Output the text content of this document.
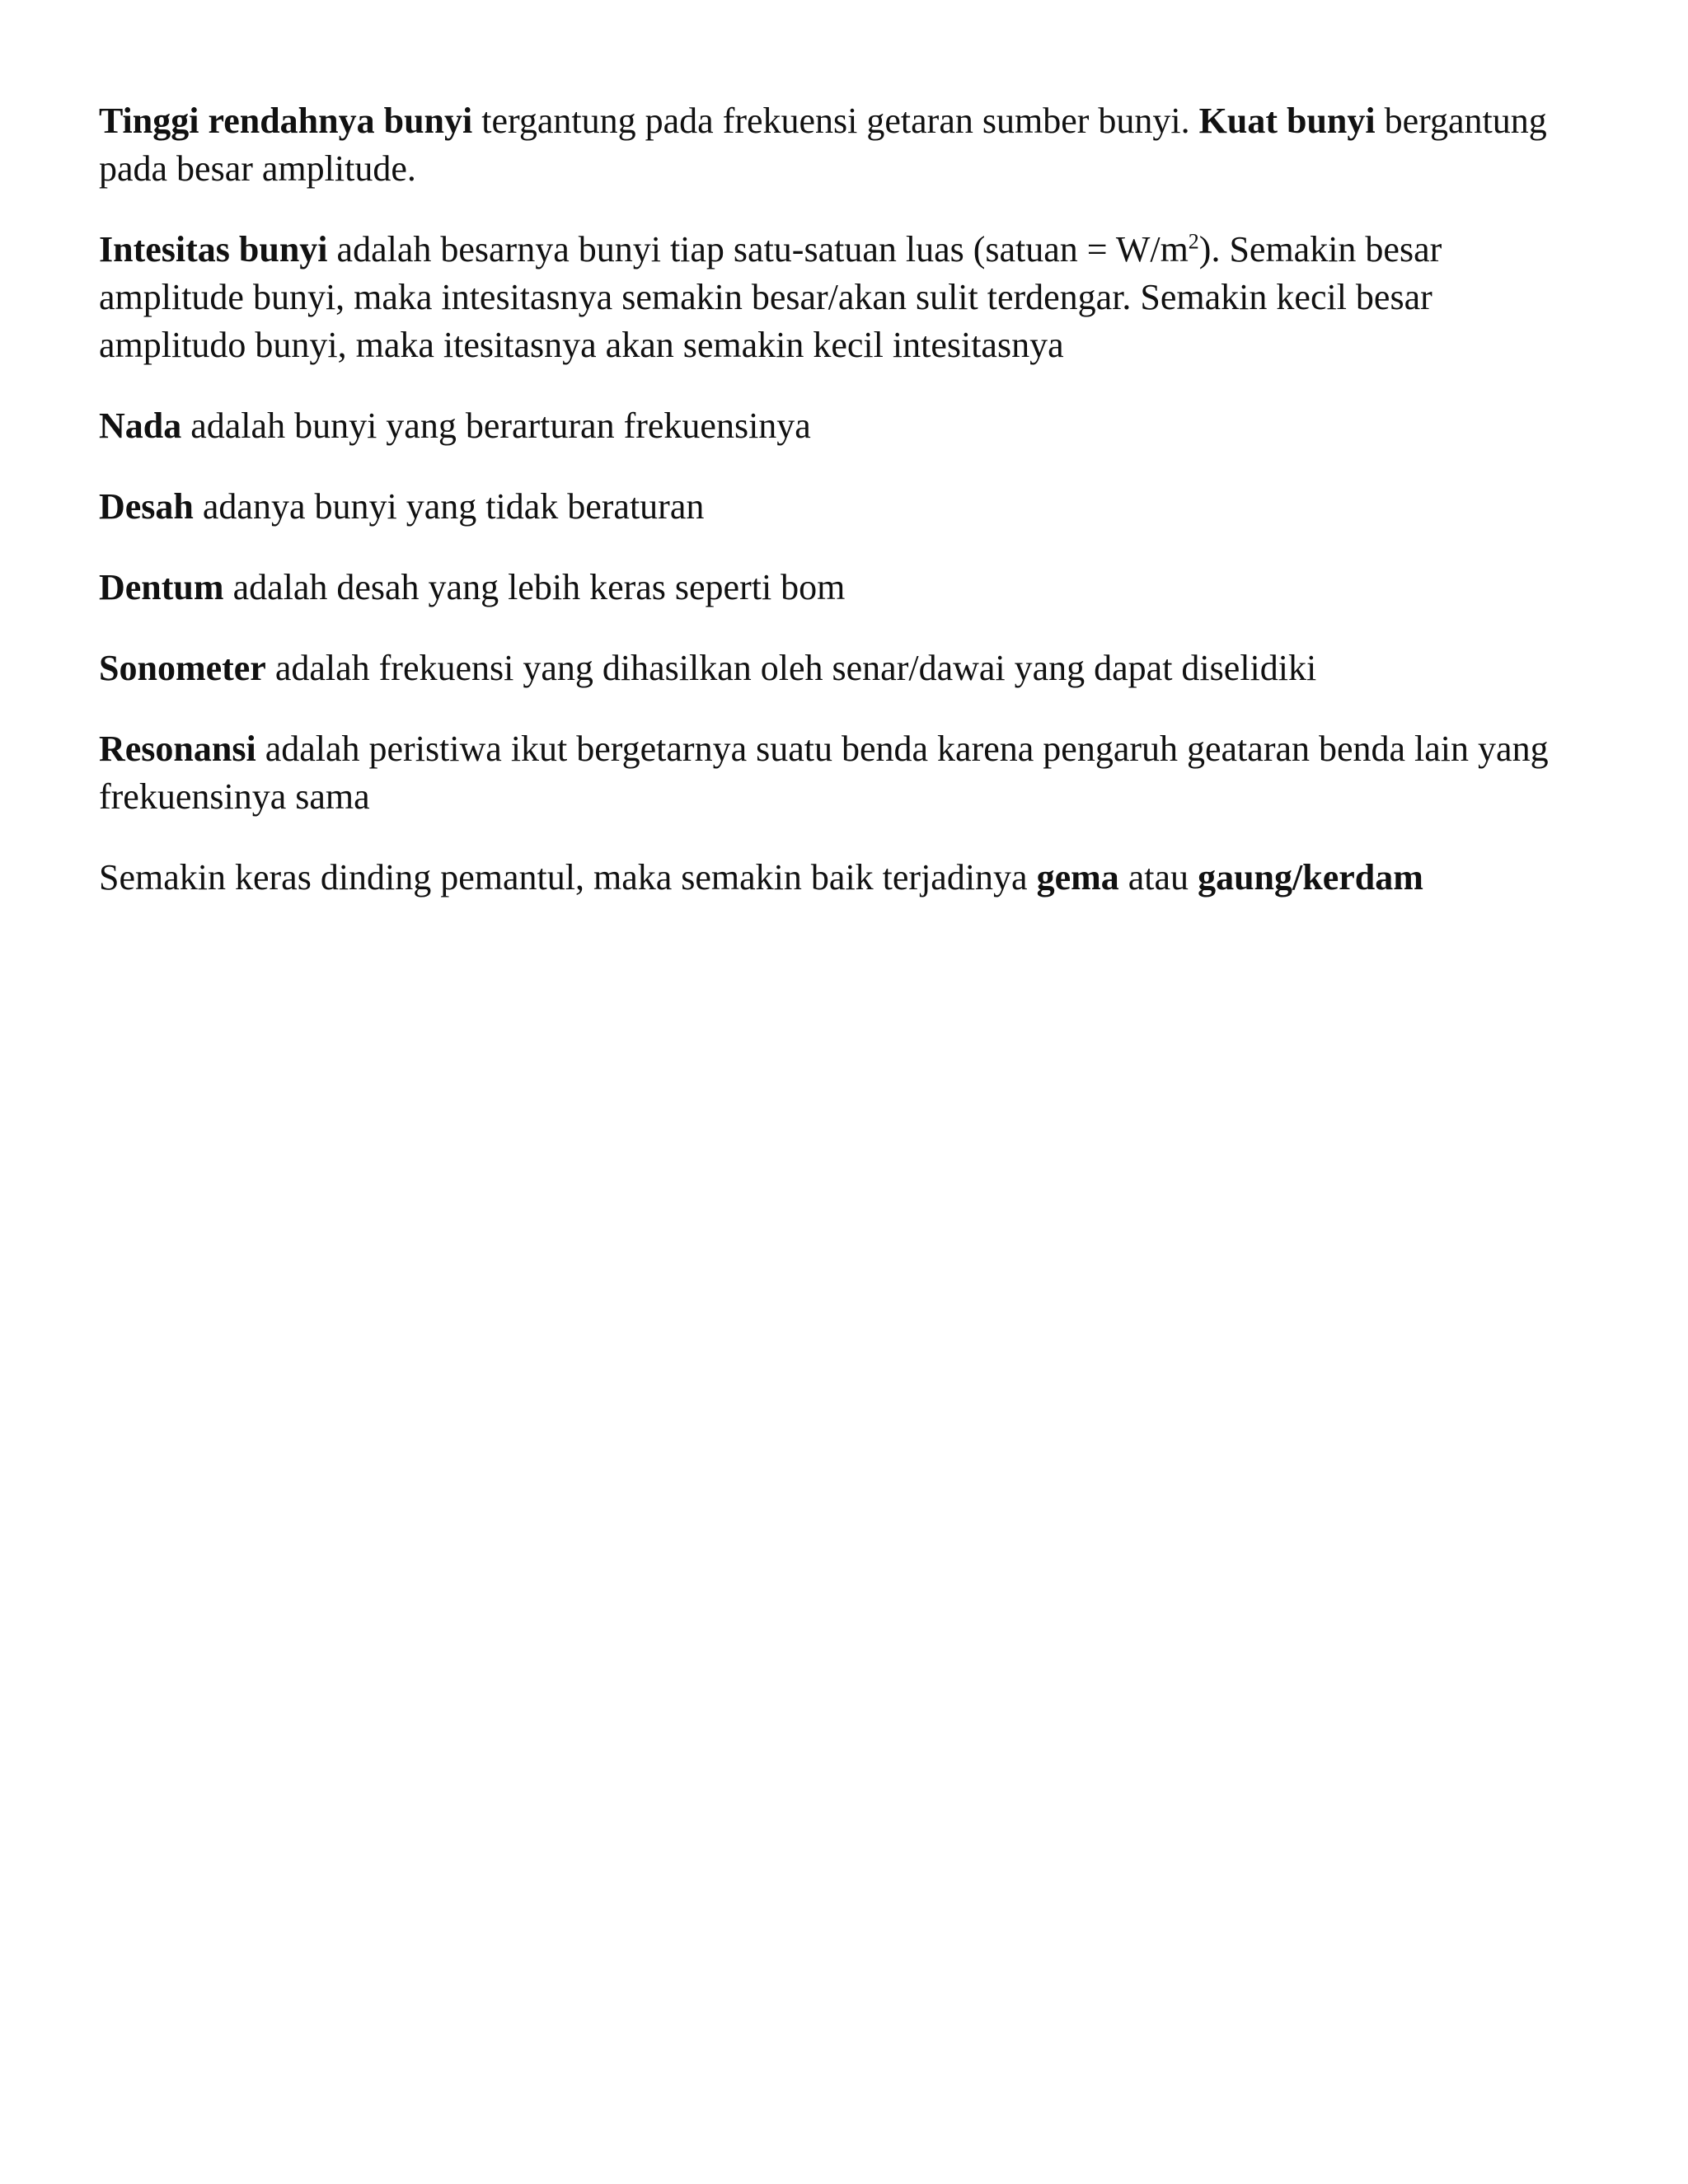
Tinggi rendahnya bunyi tergantung pada frekuensi getaran sumber bunyi. Kuat bunyi bergantung pada besar amplitude.

Intesitas bunyi adalah besarnya bunyi tiap satu-satuan luas (satuan = $W/m^2$). Semakin besar amplitude bunyi, maka intesitasnya semakin besar/akan sulit terdengar. Semakin kecil besar amplitudo bunyi, maka itesitasnya akan semakin kecil intesitasnya

Nada adalah bunyi yang berarturan frekuensinya

Desah adanya bunyi yang tidak beraturan

Dentum adalah desah yang lebih keras seperti bom

Sonometer adalah frekuensi yang dihasilkan oleh senar/dawai yang dapat diselidiki

Resonansi adalah peristiwa ikut bergetarnya suatu benda karena pengaruh geataran benda lain yang frekuensinya sama

Semakin keras dinding pemantul, maka semakin baik terjadinya gema atau gaung/kerdam
